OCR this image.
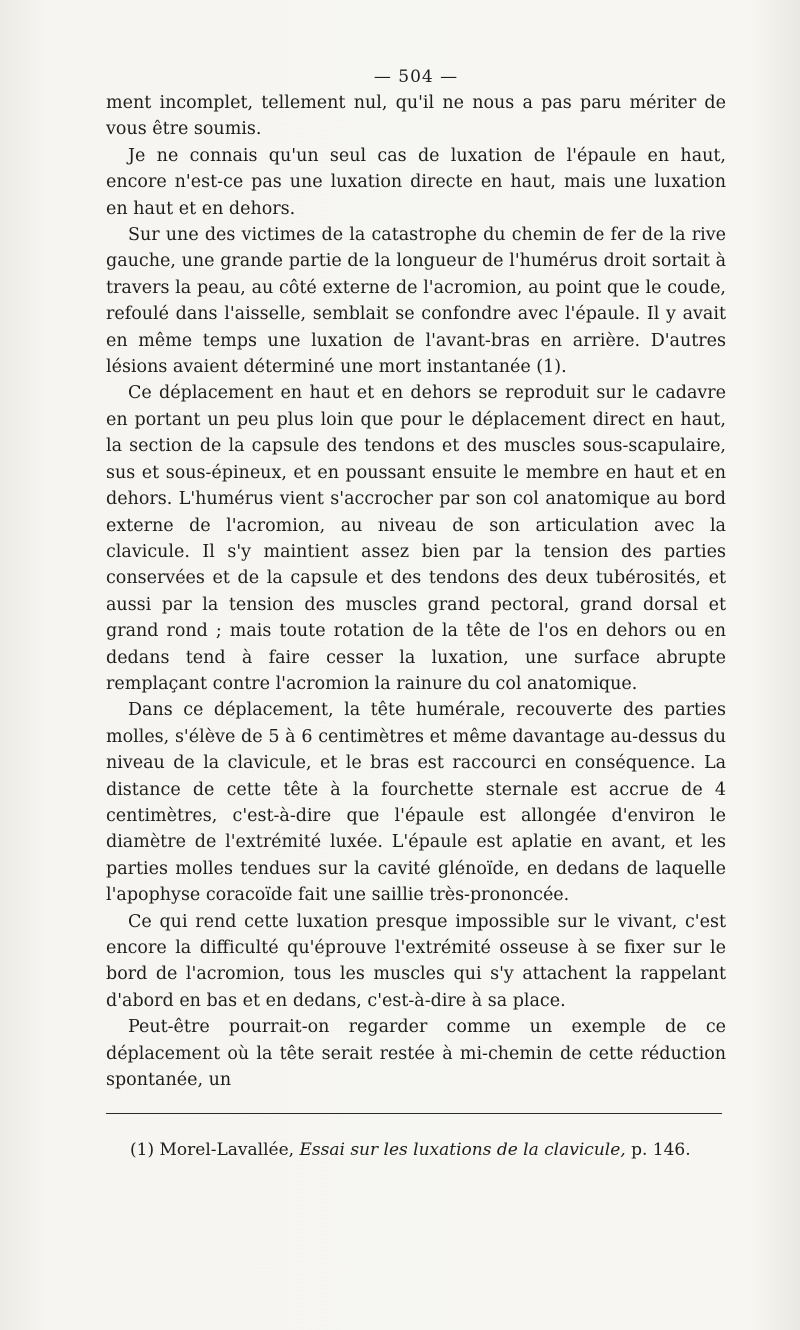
— 504 —

ment incomplet, tellement nul, qu'il ne nous a pas paru mériter de vous être soumis.

Je ne connais qu'un seul cas de luxation de l'épaule en haut, encore n'est-ce pas une luxation directe en haut, mais une luxation en haut et en dehors.

Sur une des victimes de la catastrophe du chemin de fer de la rive gauche, une grande partie de la longueur de l'humérus droit sortait à travers la peau, au côté externe de l'acromion, au point que le coude, refoulé dans l'aisselle, semblait se confondre avec l'épaule. Il y avait en même temps une luxation de l'avant-bras en arrière. D'autres lésions avaient déterminé une mort instantanée (1).

Ce déplacement en haut et en dehors se reproduit sur le cadavre en portant un peu plus loin que pour le déplacement direct en haut, la section de la capsule des tendons et des muscles sous-scapulaire, sus et sous-épineux, et en poussant ensuite le membre en haut et en dehors. L'humérus vient s'accrocher par son col anatomique au bord externe de l'acromion, au niveau de son articulation avec la clavicule. Il s'y maintient assez bien par la tension des parties conservées et de la capsule et des tendons des deux tubérosités, et aussi par la tension des muscles grand pectoral, grand dorsal et grand rond ; mais toute rotation de la tête de l'os en dehors ou en dedans tend à faire cesser la luxation, une surface abrupte remplaçant contre l'acromion la rainure du col anatomique.

Dans ce déplacement, la tête humérale, recouverte des parties molles, s'élève de 5 à 6 centimètres et même davantage au-dessus du niveau de la clavicule, et le bras est raccourci en conséquence. La distance de cette tête à la fourchette sternale est accrue de 4 centimètres, c'est-à-dire que l'épaule est allongée d'environ le diamètre de l'extrémité luxée. L'épaule est aplatie en avant, et les parties molles tendues sur la cavité glénoïde, en dedans de laquelle l'apophyse coracoïde fait une saillie très-prononcée.

Ce qui rend cette luxation presque impossible sur le vivant, c'est encore la difficulté qu'éprouve l'extrémité osseuse à se fixer sur le bord de l'acromion, tous les muscles qui s'y attachent la rappelant d'abord en bas et en dedans, c'est-à-dire à sa place.

Peut-être pourrait-on regarder comme un exemple de ce déplacement où la tête serait restée à mi-chemin de cette réduction spontanée, un

(1) Morel-Lavallée, Essai sur les luxations de la clavicule, p. 146.
